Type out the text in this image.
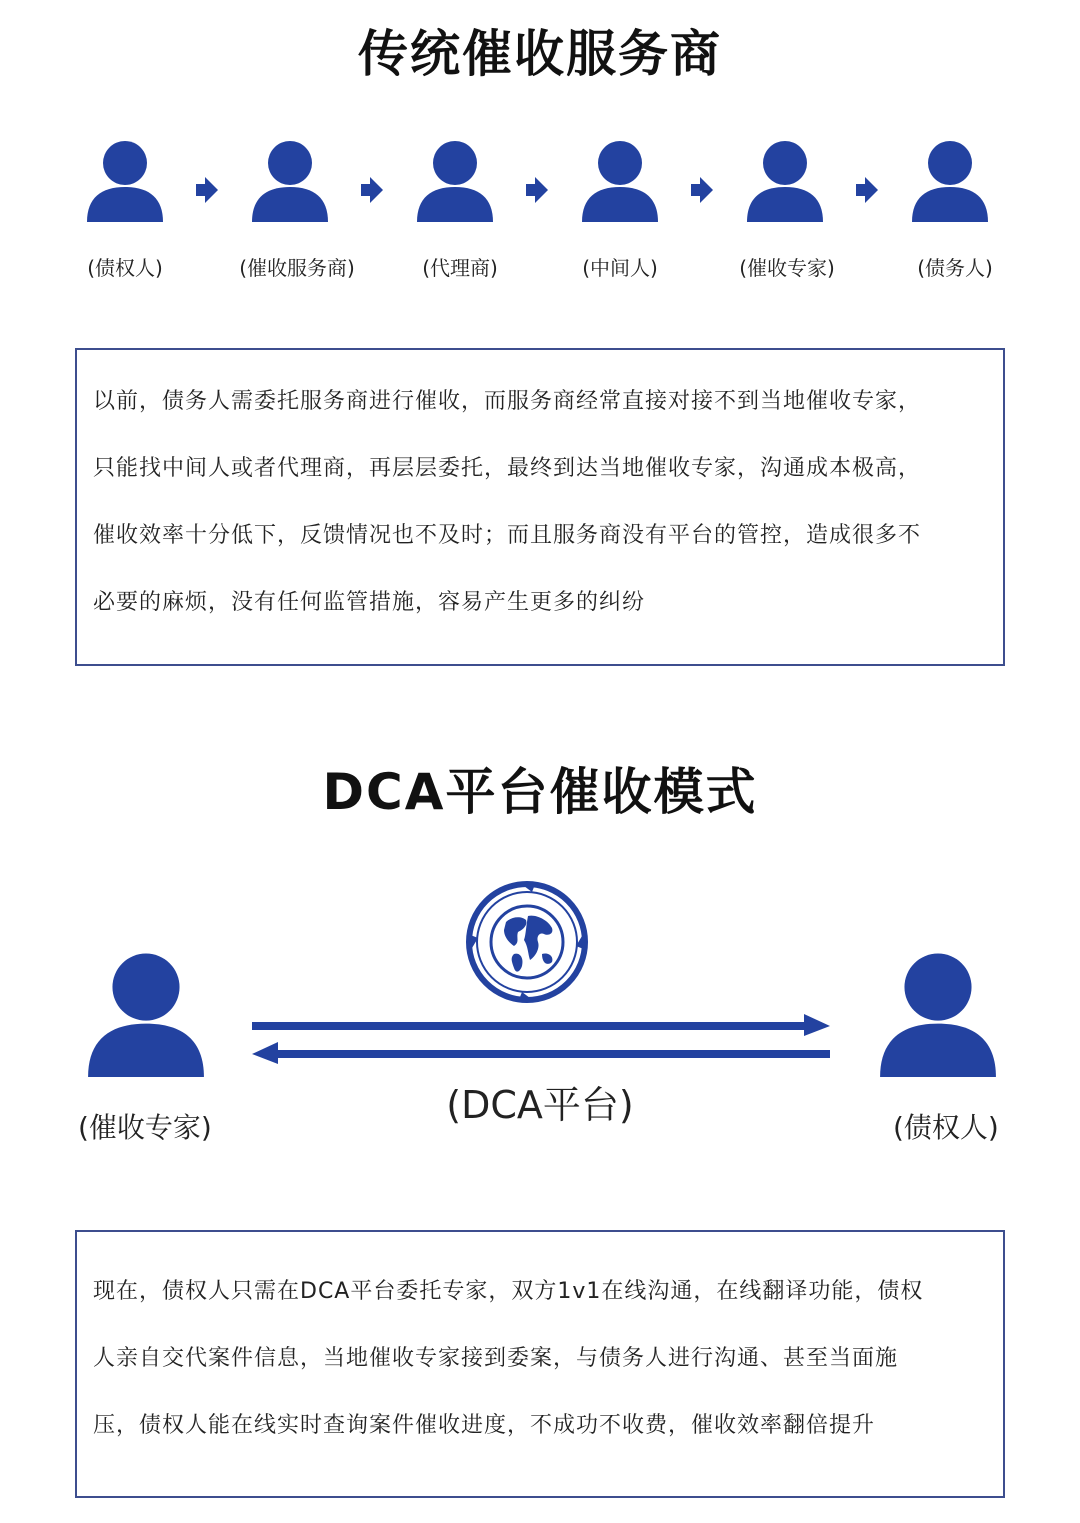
传统催收服务商
(债权人)	(催收服务商)	(代理商)	(中间人)	(催收专家)	(债务人)

以前，债务人需委托服务商进行催收，而服务商经常直接对接不到当地催收专家，

只能找中间人或者代理商，再层层委托，最终到达当地催收专家，沟通成本极高，

催收效率十分低下，反馈情况也不及时；而且服务商没有平台的管控，造成很多不

必要的麻烦，没有任何监管措施，容易产生更多的纠纷

DCA平台催收模式
(催收专家)	(债权人)
(DCA平台)

现在，债权人只需在DCA平台委托专家，双方1v1在线沟通，在线翻译功能，债权

人亲自交代案件信息，当地催收专家接到委案，与债务人进行沟通、甚至当面施

压，债权人能在线实时查询案件催收进度，不成功不收费，催收效率翻倍提升
